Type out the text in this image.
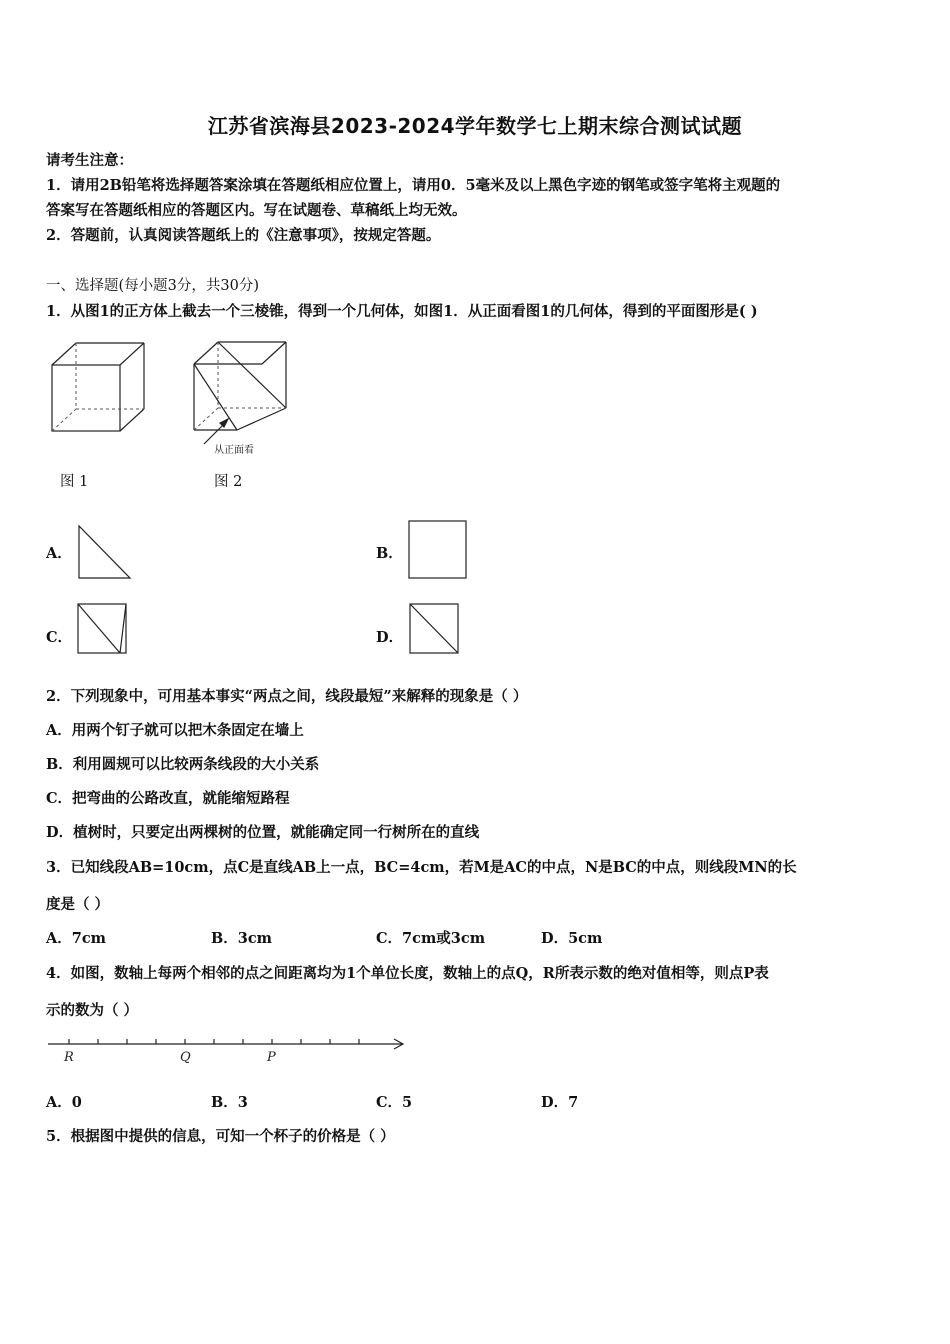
江苏省滨海县2023-2024学年数学七上期末综合测试试题
请考生注意：
1．请用2B铅笔将选择题答案涂填在答题纸相应位置上，请用0．5毫米及以上黑色字迹的钢笔或签字笔将主观题的
答案写在答题纸相应的答题区内。写在试题卷、草稿纸上均无效。
2．答题前，认真阅读答题纸上的《注意事项》，按规定答题。
一、选择题(每小题3分，共30分)
1．从图1的正方体上截去一个三棱锥，得到一个几何体，如图1．从正面看图1的几何体，得到的平面图形是( )
从正面看
图 1	图 2
A．	B．
C．	D．
2．下列现象中，可用基本事实“两点之间，线段最短”来解释的现象是（ ）
A．用两个钉子就可以把木条固定在墙上
B．利用圆规可以比较两条线段的大小关系
C．把弯曲的公路改直，就能缩短路程
D．植树时，只要定出两棵树的位置，就能确定同一行树所在的直线
3．已知线段AB=10cm，点C是直线AB上一点，BC=4cm，若M是AC的中点，N是BC的中点，则线段MN的长
度是（ ）
A．7cm	B．3cm	C．7cm或3cm	D．5cm
4．如图，数轴上每两个相邻的点之间距离均为1个单位长度，数轴上的点Q，R所表示数的绝对值相等，则点P表
示的数为（ ）
R	Q	P
A．0	B．3	C．5	D．7
5．根据图中提供的信息，可知一个杯子的价格是（ ）
